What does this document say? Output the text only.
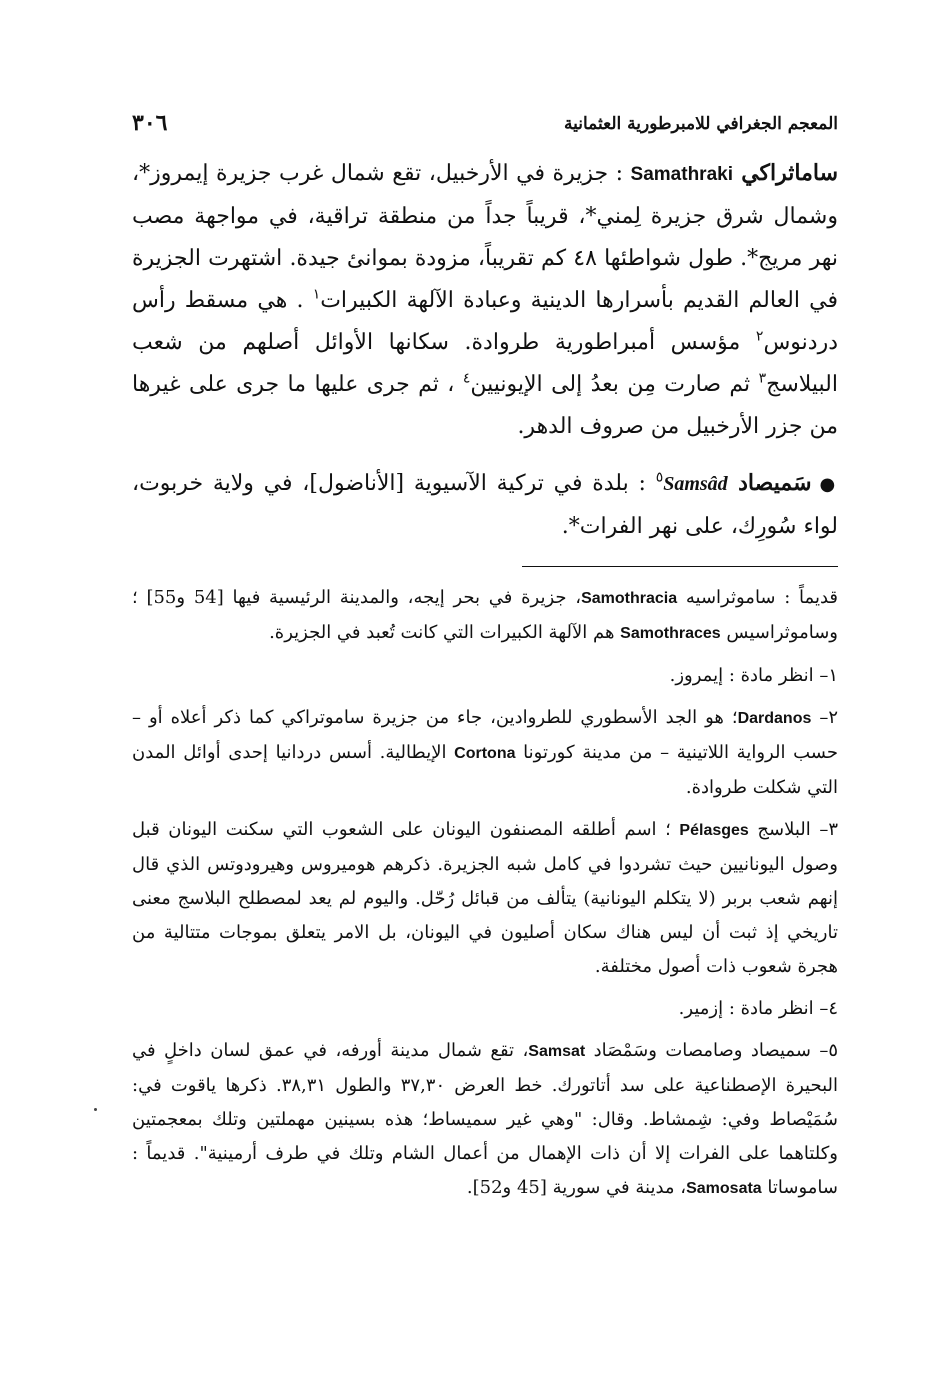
المعجم الجغرافي للامبرطورية العثمانية
٣٠٦

ساماثراكي Samathraki : جزيرة في الأرخبيل، تقع شمال غرب جزيرة إيمروز*، وشمال شرق جزيرة لِمني*، قريباً جداً من منطقة تراقية، في مواجهة مصب نهر مريج*. طول شواطئها ٤٨ كم تقريباً، مزودة بموانئ جيدة. اشتهرت الجزيرة في العالم القديم بأسرارها الدينية وعبادة الآلهة الكبيرات$^١$ . هي مسقط رأس دردنوس$^٢$ مؤسس أمبراطورية طروادة. سكانها الأوائل أصلهم من شعب البيلاسج$^٣$ ثم صارت مِن بعدُ إلى الإيونيين$^٤$ ، ثم جرى عليها ما جرى على غيرها من جزر الأرخبيل من صروف الدهر.

●سَميصاد Samsâd$^٥$ : بلدة في تركية الآسيوية [الأناضول]، في ولاية خربوت، لواء سُورِك، على نهر الفرات*.

قديماً : ساموثراسيه Samothracia، جزيرة في بحر إيجه، والمدينة الرئيسية فيها [54 و55] ؛ وساموثراسيس Samothraces هم الآلهة الكبيرات التي كانت تُعبد في الجزيرة.

١– انظر مادة : إيمروز.

٢– Dardanos؛ هو الجد الأسطوري للطروادين، جاء من جزيرة ساموتراكي كما ذكر أعلاه أو – حسب الرواية اللاتينية – من مدينة كورتونا Cortona الإيطالية. أسس دردانيا إحدى أوائل المدن التي شكلت طروادة.

٣– البلاسج Pélasges ؛ اسم أطلقه المصنفون اليونان على الشعوب التي سكنت اليونان قبل وصول اليونانيين حيث تشردوا في كامل شبه الجزيرة. ذكرهم هوميروس وهيرودوتس الذي قال إنهم شعب بربر (لا يتكلم اليونانية) يتألف من قبائل رُحّل. واليوم لم يعد لمصطلح البلاسج معنى تاريخي إذ ثبت أن ليس هناك سكان أصليون في اليونان، بل الامر يتعلق بموجات متتالية من هجرة شعوب ذات أصول مختلفة.

٤– انظر مادة : إزمير.

٥– سميصاد وصامصات وسَمْصَاد Samsat، تقع شمال مدينة أورفه، في عمق لسان داخلٍ في البحيرة الإصطناعية على سد أتاتورك. خط العرض ٣٧,٣٠ والطول ٣٨,٣١. ذكرها ياقوت في: سُمَيْصاط وفي: شِمشاط. وقال: "وهي غير سميساط؛ هذه بسينين مهملتين وتلك بمعجمتين وكلتاهما على الفرات إلا أن ذات الإهمال من أعمال الشام وتلك في طرف أرمينية". قديماً : ساموساتا Samosata، مدينة في سورية [45 و52].
